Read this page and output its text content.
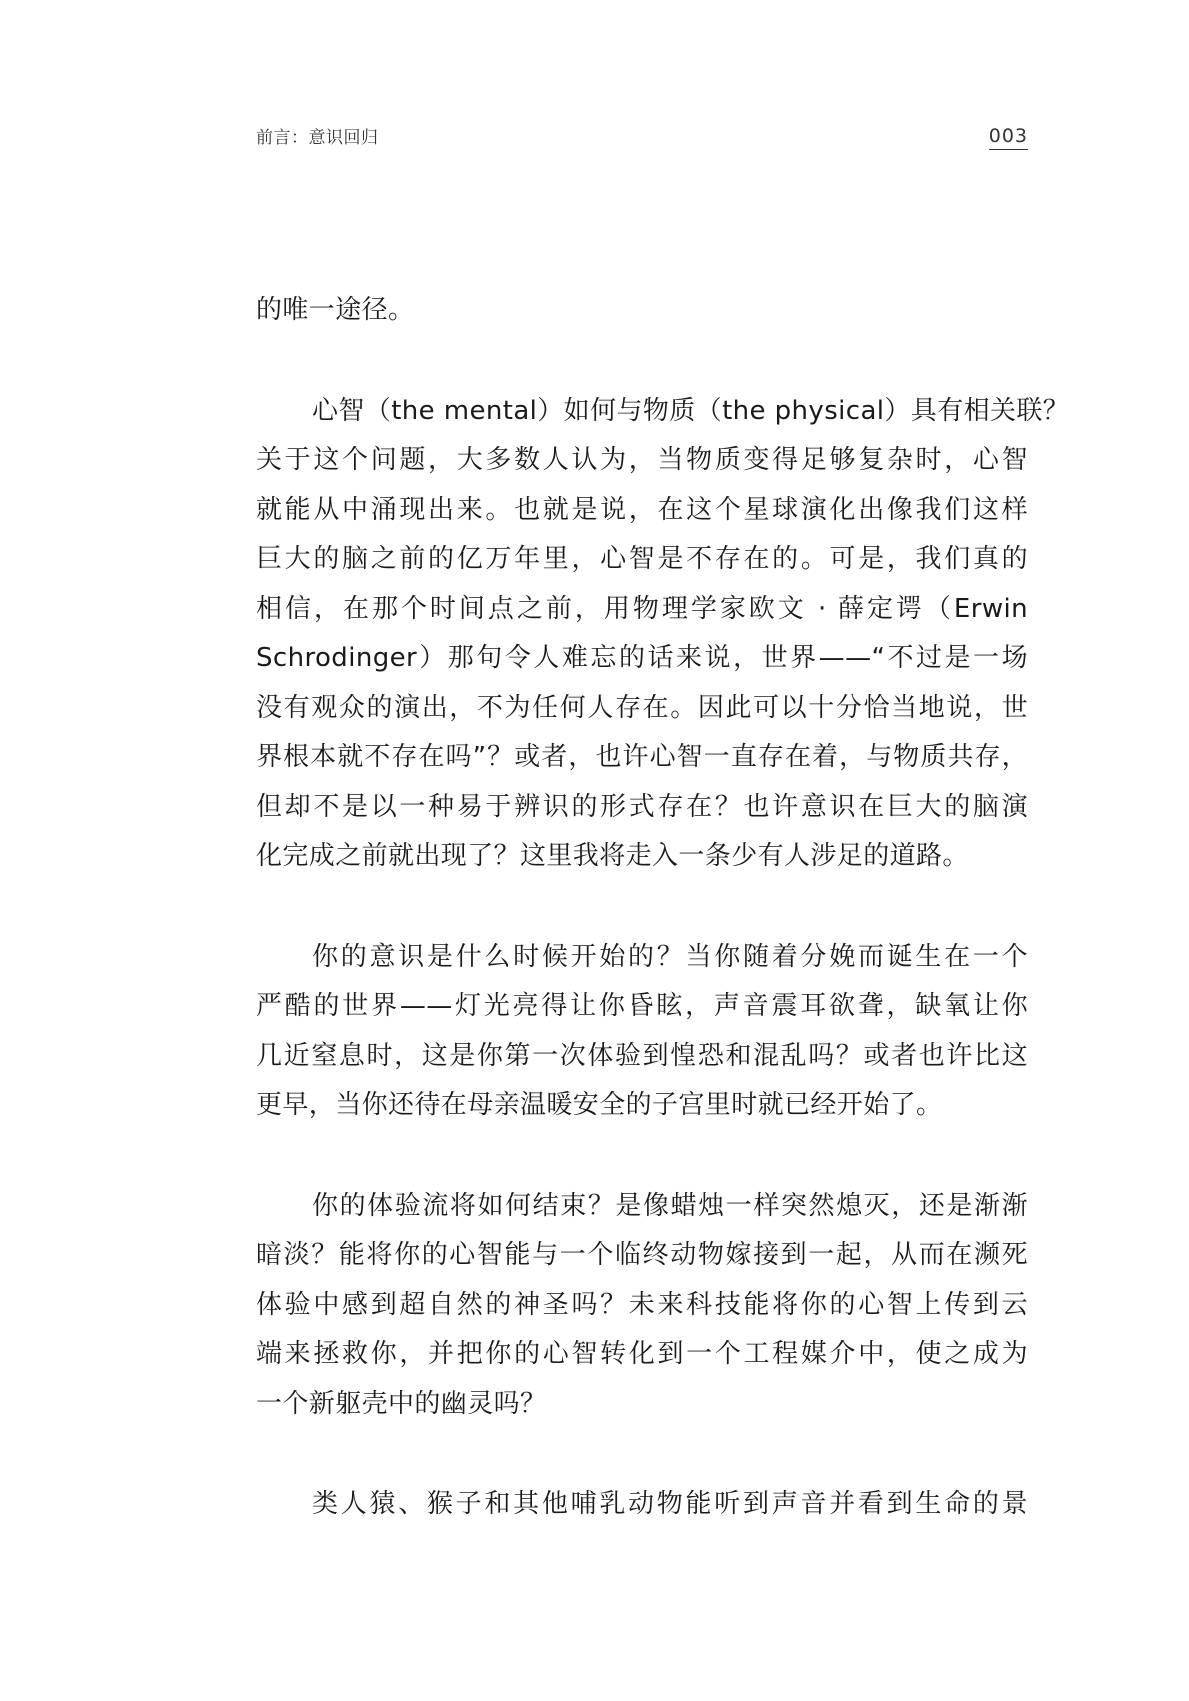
前言：意识回归	003
的唯一途径。
心智（the mental）如何与物质（the physical）具有相关联？
关于这个问题，大多数人认为，当物质变得足够复杂时，心智
就能从中涌现出来。也就是说，在这个星球演化出像我们这样
巨大的脑之前的亿万年里，心智是不存在的。可是，我们真的
相信，在那个时间点之前，用物理学家欧文 · 薛定谔（Erwin
Schrodinger）那句令人难忘的话来说，世界——“不过是一场
没有观众的演出，不为任何人存在。因此可以十分恰当地说，世
界根本就不存在吗”？或者，也许心智一直存在着，与物质共存，
但却不是以一种易于辨识的形式存在？也许意识在巨大的脑演
化完成之前就出现了？这里我将走入一条少有人涉足的道路。
你的意识是什么时候开始的？当你随着分娩而诞生在一个
严酷的世界——灯光亮得让你昏眩，声音震耳欲聋，缺氧让你
几近窒息时，这是你第一次体验到惶恐和混乱吗？或者也许比这
更早，当你还待在母亲温暖安全的子宫里时就已经开始了。
你的体验流将如何结束？是像蜡烛一样突然熄灭，还是渐渐
暗淡？能将你的心智能与一个临终动物嫁接到一起，从而在濒死
体验中感到超自然的神圣吗？未来科技能将你的心智上传到云
端来拯救你，并把你的心智转化到一个工程媒介中，使之成为
一个新躯壳中的幽灵吗？
类人猿、猴子和其他哺乳动物能听到声音并看到生命的景
